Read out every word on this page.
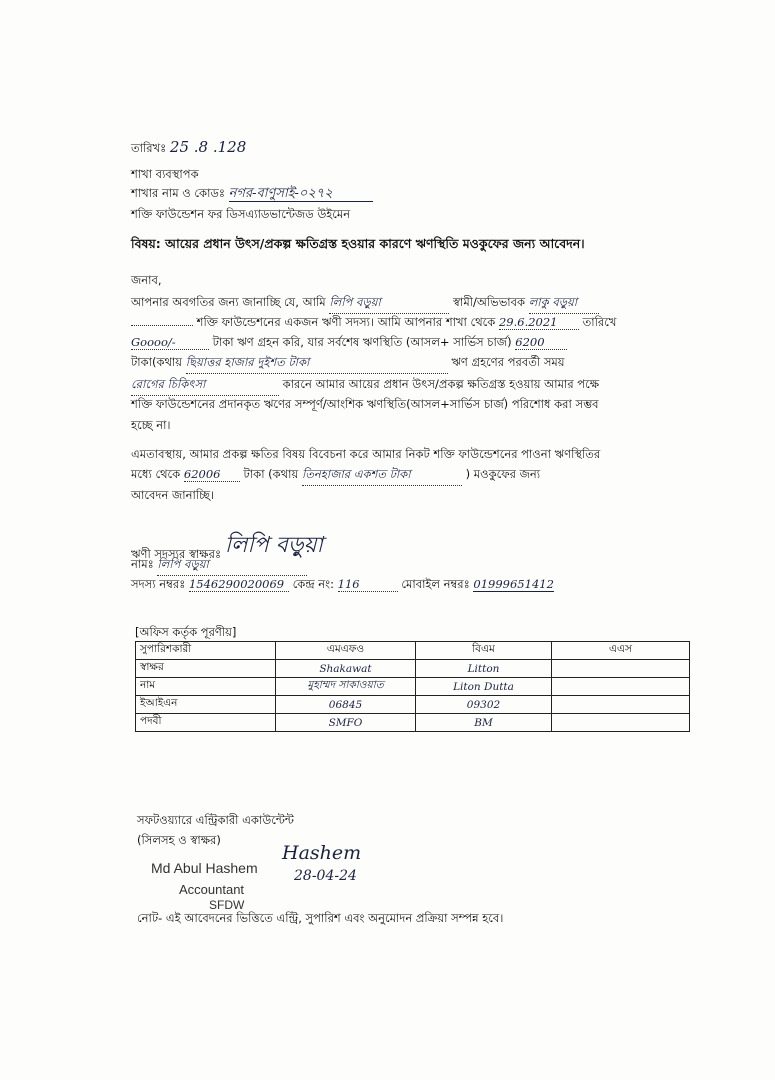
তারিখঃ 25 .8 .128
শাখা ব্যবস্থাপক
শাখার নাম ও কোডঃ নগর-বাণুসাই-০২৭২
শক্তি ফাউন্ডেশন ফর ডিসএ্যাডভান্টেজড উইমেন
বিষয়: আয়ের প্রধান উৎস/প্রকল্প ক্ষতিগ্রস্ত হওয়ার কারণে ঋণস্থিতি মওকুফের জন্য আবেদন।
জনাব,
আপনার অবগতির জন্য জানাচ্ছি যে, আমি লিপি বড়ুয়া	স্বামী/অভিভাবক লাকু বড়ুয়া
শক্তি ফাউন্ডেশনের একজন ঋণী সদস্য। আমি আপনার শাখা থেকে 29.6.2021 তারিখে
Goooo/-	টাকা ঋণ গ্রহন করি, যার সর্বশেষ ঋণস্থিতি (আসল+ সার্ভিস চার্জ) 6200
টাকা(কথায় ছিয়াত্তর হাজার দুইশত টাকা	ঋণ গ্রহণের পরবর্তী সময়
রোগের চিকিৎসা	কারনে আমার আয়ের প্রধান উৎস/প্রকল্প ক্ষতিগ্রস্ত হওয়ায় আমার পক্ষে
শক্তি ফাউন্ডেশনের প্রদানকৃত ঋণের সম্পূর্ণ/আংশিক ঋণস্থিতি(আসল+সার্ভিস চার্জ) পরিশোধ করা সম্ভব
হচ্ছে না।
এমতাবস্থায়, আমার প্রকল্প ক্ষতির বিষয় বিবেচনা করে আমার নিকট শক্তি ফাউন্ডেশনের পাওনা ঋণস্থিতির
মধ্যে থেকে 62006 টাকা (কথায় তিনহাজার একশত টাকা	) মওকুফের জন্য
আবেদন জানাচ্ছি।
ঋণী সদস্যর স্বাক্ষরঃ লিপি বড়ুয়া
নামঃ লিপি বড়ুয়া
সদস্য নম্বরঃ 1546290020069 কেন্দ্র নং: 116	মোবাইল নম্বরঃ 01999651412
[অফিস কর্তৃক পূরণীয়]
সুপারিশকারী	এমএফও	বিএম	এএস
স্বাক্ষর	Shakawat	Litton	
নাম	মুহাম্মদ সাকাওয়াত	Liton Dutta	
ইআইএন	06845	09302	
পদবী	SMFO	BM	
সফটওয়্যারে এন্ট্রিকারী একাউন্টেন্ট
(সিলসহ ও স্বাক্ষর)
Hashem
Md Abul Hashem	28-04-24
Accountant
SFDW
নোট- এই আবেদনের ভিত্তিতে এন্ট্রি, সুপারিশ এবং অনুমোদন প্রক্রিয়া সম্পন্ন হবে।
